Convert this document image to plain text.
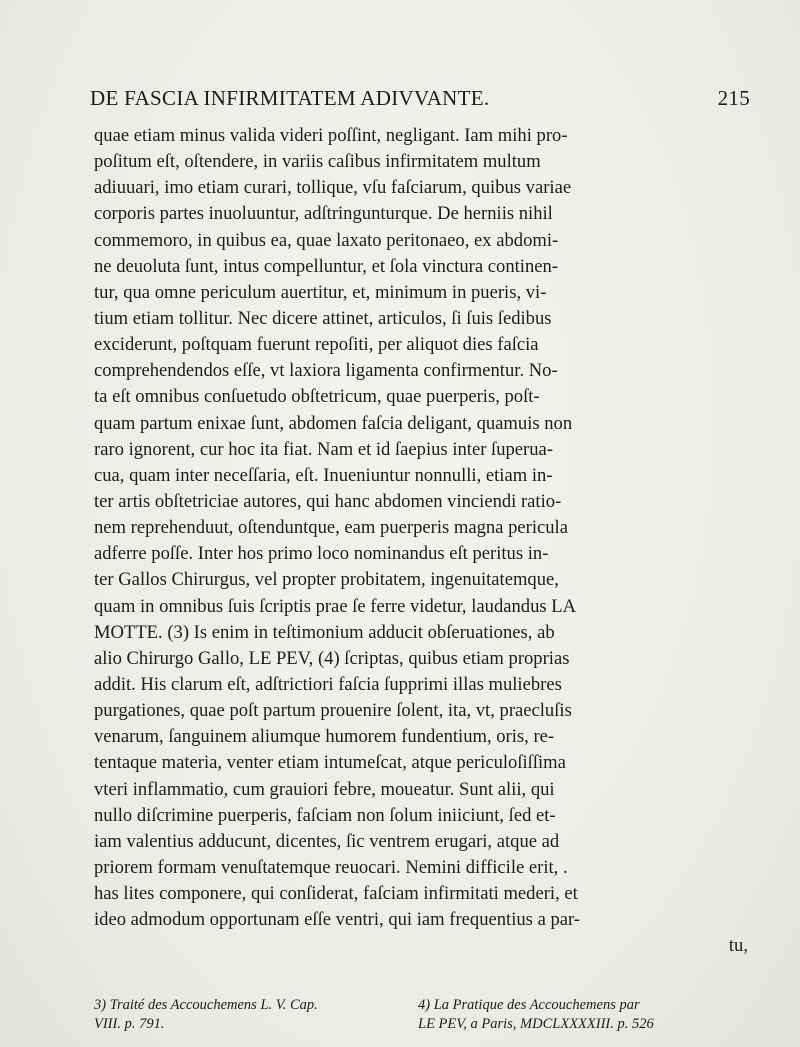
DE FASCIA INFIRMITATEM ADIVVANTE.	215
quae etiam minus valida videri poſſint, negligant. Iam mihi pro-
poſitum eſt, oſtendere, in variis caſibus infirmitatem multum
adiuuari, imo etiam curari, tollique, vſu faſciarum, quibus variae
corporis partes inuoluuntur, adſtringunturque. De herniis nihil
commemoro, in quibus ea, quae laxato peritonaeo, ex abdomi-
ne deuoluta ſunt, intus compelluntur, et ſola vinctura continen-
tur, qua omne periculum auertitur, et, minimum in pueris, vi-
tium etiam tollitur. Nec dicere attinet, articulos, ſi ſuis ſedibus
exciderunt, poſtquam fuerunt repoſiti, per aliquot dies faſcia
comprehendendos eſſe, vt laxiora ligamenta confirmentur. No-
ta eſt omnibus conſuetudo obſtetricum, quae puerperis, poſt-
quam partum enixae ſunt, abdomen faſcia deligant, quamuis non
raro ignorent, cur hoc ita fiat. Nam et id ſaepius inter ſuperua-
cua, quam inter neceſſaria, eſt. Inueniuntur nonnulli, etiam in-
ter artis obſtetriciae autores, qui hanc abdomen vinciendi ratio-
nem reprehenduut, oſtenduntque, eam puerperis magna pericula
adferre poſſe. Inter hos primo loco nominandus eſt peritus in-
ter Gallos Chirurgus, vel propter probitatem, ingenuitatemque,
quam in omnibus ſuis ſcriptis prae ſe ferre videtur, laudandus LA
MOTTE. (3) Is enim in teſtimonium adducit obſeruationes, ab
alio Chirurgo Gallo, LE PEV, (4) ſcriptas, quibus etiam proprias
addit. His clarum eſt, adſtrictiori faſcia ſupprimi illas muliebres
purgationes, quae poſt partum prouenire ſolent, ita, vt, praecluſis
venarum, ſanguinem aliumque humorem fundentium, oris, re-
tentaque materia, venter etiam intumeſcat, atque periculoſiſſima
vteri inflammatio, cum grauiori febre, moueatur. Sunt alii, qui
nullo diſcrimine puerperis, faſciam non ſolum iniiciunt, ſed et-
iam valentius adducunt, dicentes, ſic ventrem erugari, atque ad
priorem formam venuſtatemque reuocari. Nemini difficile erit, .
has lites componere, qui conſiderat, faſciam infirmitati mederi, et
ideo admodum opportunam eſſe ventri, qui iam frequentius a par-
tu,
3) Traité des Accouchemens L. V. Cap.
VIII. p. 791.
4) La Pratique des Accouchemens par
LE PEV, a Paris, MDCLXXXXIII. p. 526
